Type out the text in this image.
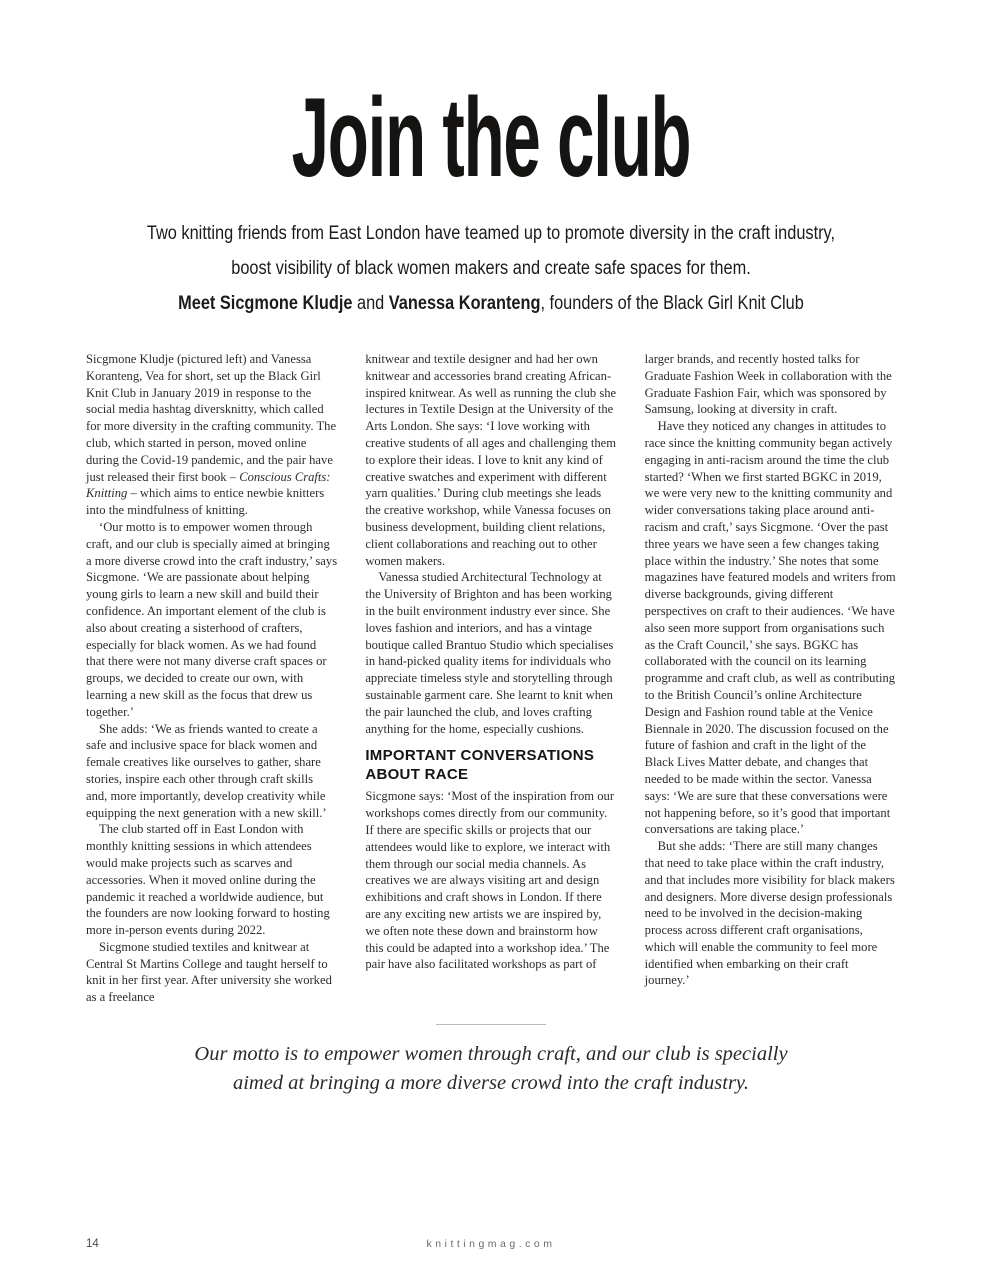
Join the club

Two knitting friends from East London have teamed up to promote diversity in the craft industry,

boost visibility of black women makers and create safe spaces for them.

Meet Sicgmone Kludje and Vanessa Koranteng, founders of the Black Girl Knit Club

Sicgmone Kludje (pictured left) and Vanessa Koranteng, Vea for short, set up the Black Girl Knit Club in January 2019 in response to the social media hashtag diversknitty, which called for more diversity in the crafting community. The club, which started in person, moved online during the Covid-19 pandemic, and the pair have just released their first book – Conscious Crafts: Knitting – which aims to entice newbie knitters into the mindfulness of knitting.

‘Our motto is to empower women through craft, and our club is specially aimed at bringing a more diverse crowd into the craft industry,’ says Sicgmone. ‘We are passionate about helping young girls to learn a new skill and build their confidence. An important element of the club is also about creating a sisterhood of crafters, especially for black women. As we had found that there were not many diverse craft spaces or groups, we decided to create our own, with learning a new skill as the focus that drew us together.’

She adds: ‘We as friends wanted to create a safe and inclusive space for black women and female creatives like ourselves to gather, share stories, inspire each other through craft skills and, more importantly, develop creativity while equipping the next generation with a new skill.’

The club started off in East London with monthly knitting sessions in which attendees would make projects such as scarves and accessories. When it moved online during the pandemic it reached a worldwide audience, but the founders are now looking forward to hosting more in-person events during 2022.

Sicgmone studied textiles and knitwear at Central St Martins College and taught herself to knit in her first year. After university she worked as a freelance

knitwear and textile designer and had her own knitwear and accessories brand creating African-inspired knitwear. As well as running the club she lectures in Textile Design at the University of the Arts London. She says: ‘I love working with creative students of all ages and challenging them to explore their ideas. I love to knit any kind of creative swatches and experiment with different yarn qualities.’ During club meetings she leads the creative workshop, while Vanessa focuses on business development, building client relations, client collaborations and reaching out to other women makers.

Vanessa studied Architectural Technology at the University of Brighton and has been working in the built environment industry ever since. She loves fashion and interiors, and has a vintage boutique called Brantuo Studio which specialises in hand-picked quality items for individuals who appreciate timeless style and storytelling through sustainable garment care. She learnt to knit when the pair launched the club, and loves crafting anything for the home, especially cushions.

IMPORTANT CONVERSATIONS ABOUT RACE

Sicgmone says: ‘Most of the inspiration from our workshops comes directly from our community. If there are specific skills or projects that our attendees would like to explore, we interact with them through our social media channels. As creatives we are always visiting art and design exhibitions and craft shows in London. If there are any exciting new artists we are inspired by, we often note these down and brainstorm how this could be adapted into a workshop idea.’ The pair have also facilitated workshops as part of

larger brands, and recently hosted talks for Graduate Fashion Week in collaboration with the Graduate Fashion Fair, which was sponsored by Samsung, looking at diversity in craft.

Have they noticed any changes in attitudes to race since the knitting community began actively engaging in anti-racism around the time the club started? ‘When we first started BGKC in 2019, we were very new to the knitting community and wider conversations taking place around anti-racism and craft,’ says Sicgmone. ‘Over the past three years we have seen a few changes taking place within the industry.’ She notes that some magazines have featured models and writers from diverse backgrounds, giving different perspectives on craft to their audiences. ‘We have also seen more support from organisations such as the Craft Council,’ she says. BGKC has collaborated with the council on its learning programme and craft club, as well as contributing to the British Council’s online Architecture Design and Fashion round table at the Venice Biennale in 2020. The discussion focused on the future of fashion and craft in the light of the Black Lives Matter debate, and changes that needed to be made within the sector. Vanessa says: ‘We are sure that these conversations were not happening before, so it’s good that important conversations are taking place.’

But she adds: ‘There are still many changes that need to take place within the craft industry, and that includes more visibility for black makers and designers. More diverse design professionals need to be involved in the decision-making process across different craft organisations, which will enable the community to feel more identified when embarking on their craft journey.’

Our motto is to empower women through craft, and our club is specially

aimed at bringing a more diverse crowd into the craft industry.

14	knittingmag.com
